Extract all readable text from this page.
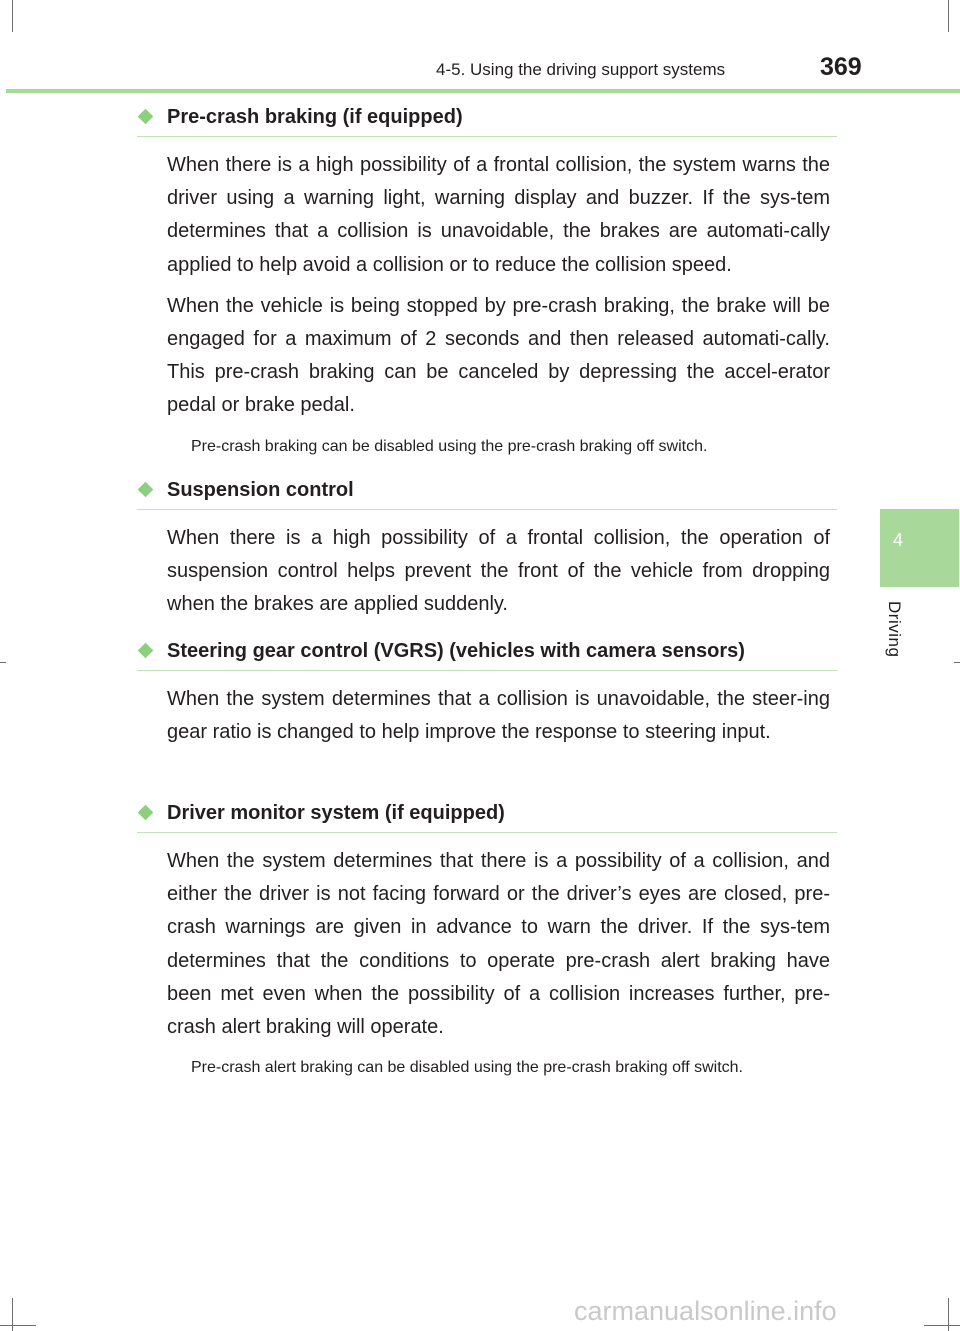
4-5. Using the driving support systems	369
4
Driving
Pre-crash braking (if equipped)

When there is a high possibility of a frontal collision, the system warns the driver using a warning light, warning display and buzzer. If the sys-tem determines that a collision is unavoidable, the brakes are automati-cally applied to help avoid a collision or to reduce the collision speed.

When the vehicle is being stopped by pre-crash braking, the brake will be engaged for a maximum of 2 seconds and then released automati-cally. This pre-crash braking can be canceled by depressing the accel-erator pedal or brake pedal.

Pre-crash braking can be disabled using the pre-crash braking off switch.
Suspension control

When there is a high possibility of a frontal collision, the operation of suspension control helps prevent the front of the vehicle from dropping when the brakes are applied suddenly.

Steering gear control (VGRS) (vehicles with camera sensors)

When the system determines that a collision is unavoidable, the steer-ing gear ratio is changed to help improve the response to steering input.

Driver monitor system (if equipped)

When the system determines that there is a possibility of a collision, and either the driver is not facing forward or the driver’s eyes are closed, pre-crash warnings are given in advance to warn the driver. If the sys-tem determines that the conditions to operate pre-crash alert braking have been met even when the possibility of a collision increases further, pre-crash alert braking will operate.

Pre-crash alert braking can be disabled using the pre-crash braking off switch.
carmanualsonline.info
